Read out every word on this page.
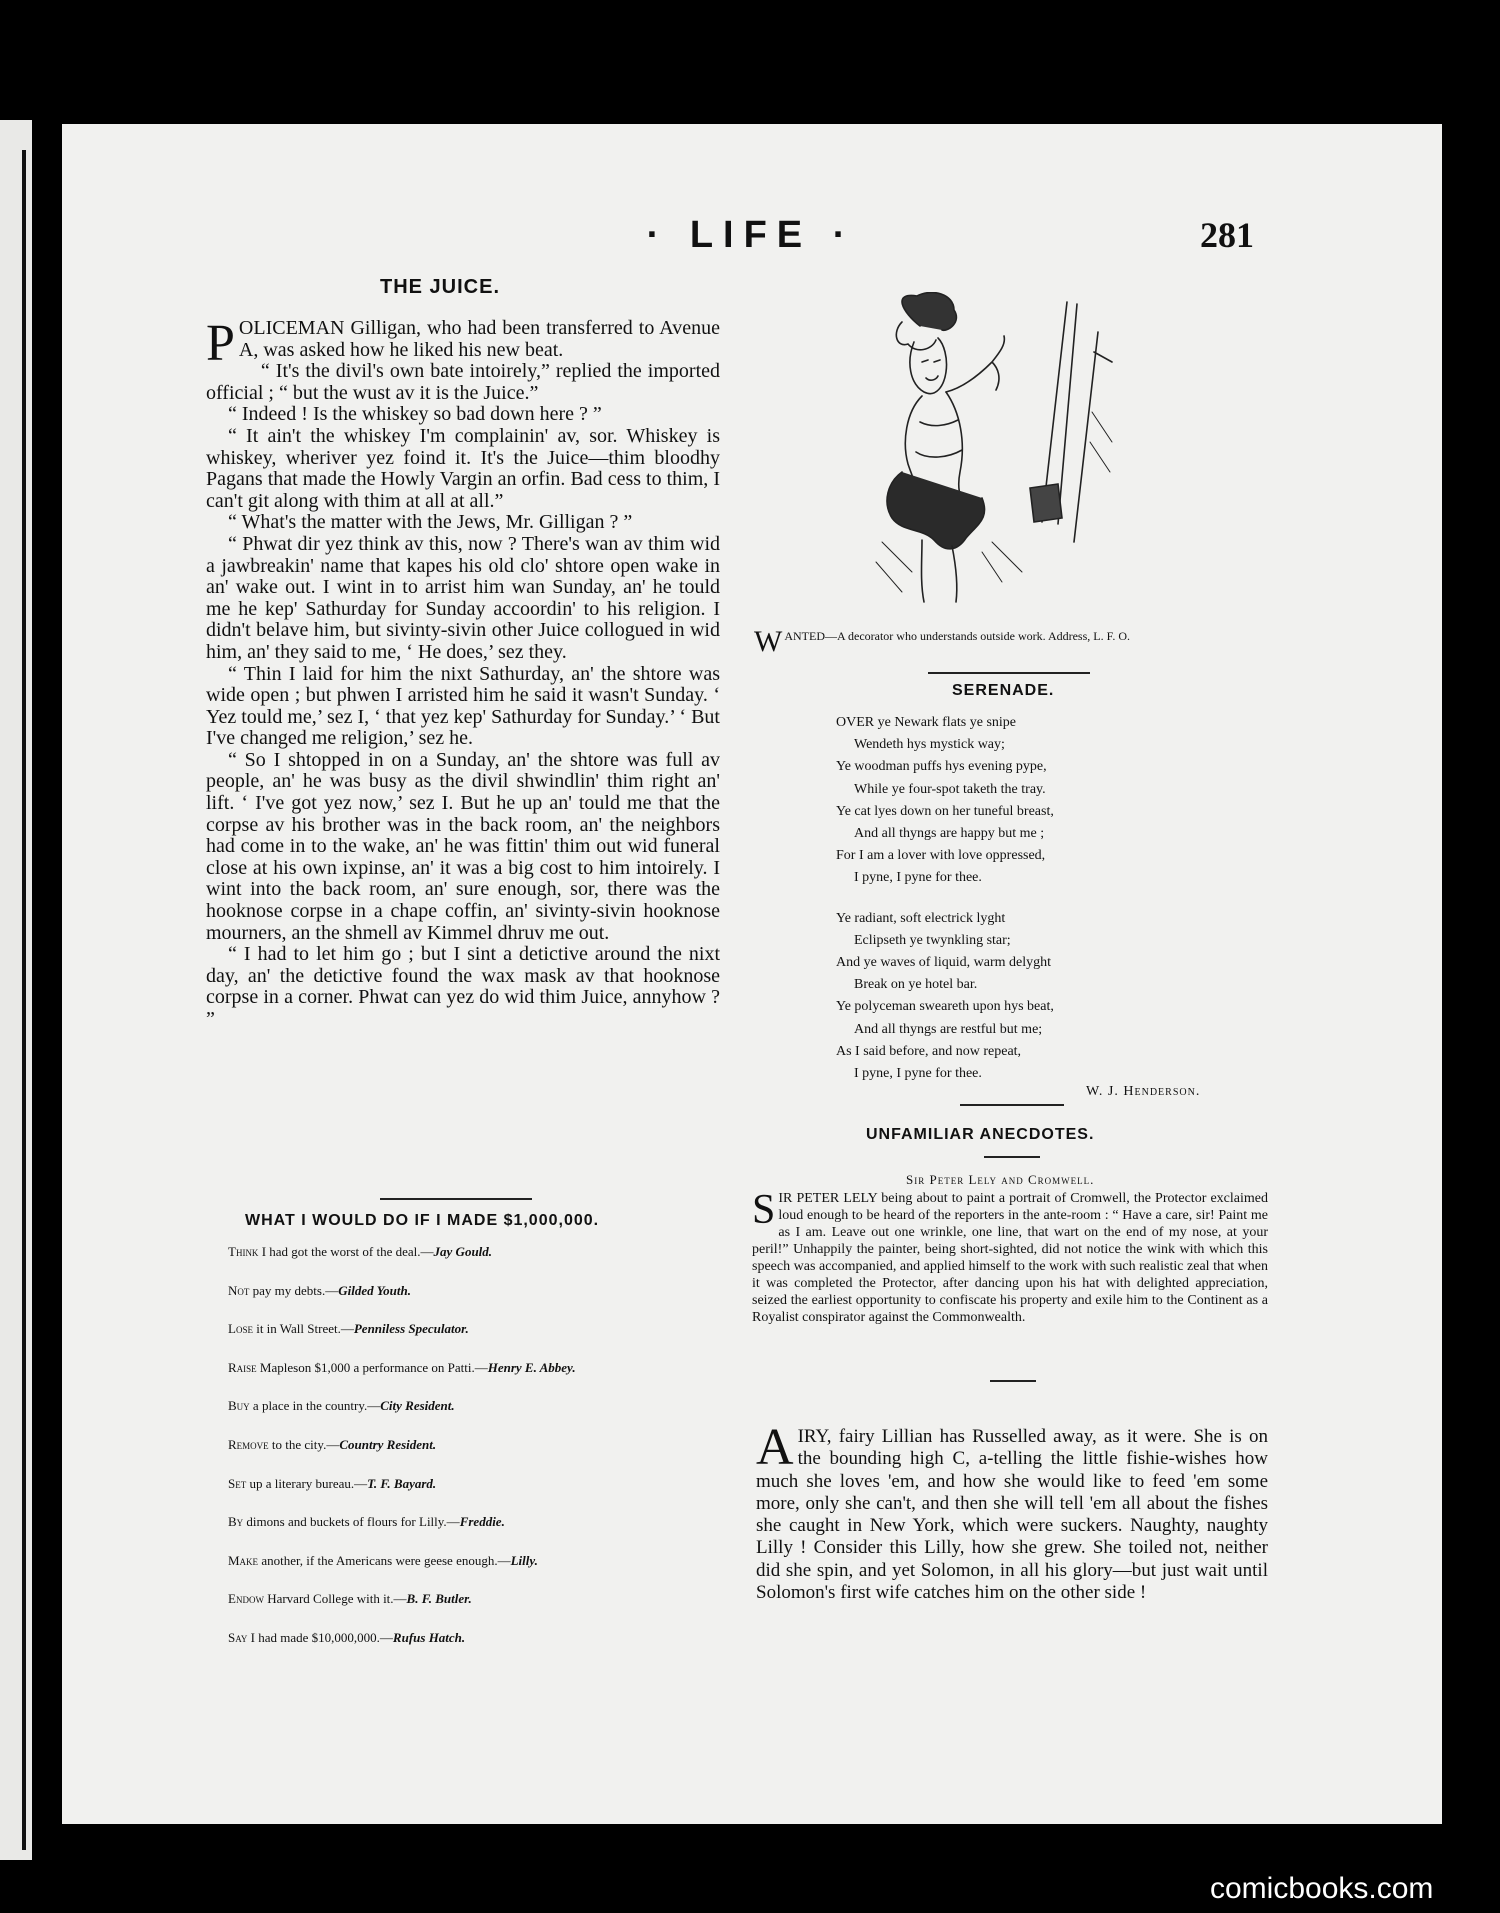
· LIFE ·	281
THE JUICE.

POLICEMAN Gilligan, who had been transferred to Avenue A, was asked how he liked his new beat.

“ It's the divil's own bate intoirely,” replied the imported official ; “ but the wust av it is the Juice.”

“ Indeed ! Is the whiskey so bad down here ? ”

“ It ain't the whiskey I'm complainin' av, sor. Whiskey is whiskey, wheriver yez foind it. It's the Juice—thim bloodhy Pagans that made the Howly Vargin an orfin. Bad cess to thim, I can't git along with thim at all at all.”

“ What's the matter with the Jews, Mr. Gilligan ? ”

“ Phwat dir yez think av this, now ? There's wan av thim wid a jawbreakin' name that kapes his old clo' shtore open wake in an' wake out. I wint in to arrist him wan Sunday, an' he tould me he kep' Sathurday for Sunday accoordin' to his religion. I didn't belave him, but sivinty-sivin other Juice collogued in wid him, an' they said to me, ‘ He does,’ sez they.

“ Thin I laid for him the nixt Sathurday, an' the shtore was wide open ; but phwen I arristed him he said it wasn't Sunday. ‘ Yez tould me,’ sez I, ‘ that yez kep' Sathurday for Sunday.’ ‘ But I've changed me religion,’ sez he.

“ So I shtopped in on a Sunday, an' the shtore was full av people, an' he was busy as the divil shwindlin' thim right an' lift. ‘ I've got yez now,’ sez I. But he up an' tould me that the corpse av his brother was in the back room, an' the neighbors had come in to the wake, an' he was fittin' thim out wid funeral close at his own ixpinse, an' it was a big cost to him intoirely. I wint into the back room, an' sure enough, sor, there was the hooknose corpse in a chape coffin, an' sivinty-sivin hooknose mourners, an the shmell av Kimmel dhruv me out.

“ I had to let him go ; but I sint a detictive around the nixt day, an' the detictive found the wax mask av that hooknose corpse in a corner. Phwat can yez do wid thim Juice, annyhow ? ”

WHAT I WOULD DO IF I MADE $1,000,000.
Think I had got the worst of the deal.—Jay Gould.
Not pay my debts.—Gilded Youth.
Lose it in Wall Street.—Penniless Speculator.
Raise Mapleson $1,000 a performance on Patti.—Henry E. Abbey.
Buy a place in the country.—City Resident.
Remove to the city.—Country Resident.
Set up a literary bureau.—T. F. Bayard.
By dimons and buckets of flours for Lilly.—Freddie.
Make another, if the Americans were geese enough.—Lilly.
Endow Harvard College with it.—B. F. Butler.
Say I had made $10,000,000.—Rufus Hatch.
WANTED—A decorator who understands outside work. Address, L. F. O.
SERENADE.
OVER ye Newark flats ye snipe
Wendeth hys mystick way;
Ye woodman puffs hys evening pype,
While ye four-spot taketh the tray.
Ye cat lyes down on her tuneful breast,
And all thyngs are happy but me ;
For I am a lover with love oppressed,
I pyne, I pyne for thee.
Ye radiant, soft electrick lyght
Eclipseth ye twynkling star;
And ye waves of liquid, warm delyght
Break on ye hotel bar.
Ye polyceman sweareth upon hys beat,
And all thyngs are restful but me;
As I said before, and now repeat,
I pyne, I pyne for thee.
W. J. Henderson.
UNFAMILIAR ANECDOTES.
Sir Peter Lely and Cromwell.

SIR PETER LELY being about to paint a portrait of Cromwell, the Protector exclaimed loud enough to be heard of the reporters in the ante-room : “ Have a care, sir! Paint me as I am. Leave out one wrinkle, one line, that wart on the end of my nose, at your peril!” Unhappily the painter, being short-sighted, did not notice the wink with which this speech was accompanied, and applied himself to the work with such realistic zeal that when it was completed the Protector, after dancing upon his hat with delighted appreciation, seized the earliest opportunity to confiscate his property and exile him to the Continent as a Royalist conspirator against the Commonwealth.

AIRY, fairy Lillian has Russelled away, as it were. She is on the bounding high C, a-telling the little fishie-wishes how much she loves 'em, and how she would like to feed 'em some more, only she can't, and then she will tell 'em all about the fishes she caught in New York, which were suckers. Naughty, naughty Lilly ! Consider this Lilly, how she grew. She toiled not, neither did she spin, and yet Solomon, in all his glory—but just wait until Solomon's first wife catches him on the other side !

comicbooks.com
